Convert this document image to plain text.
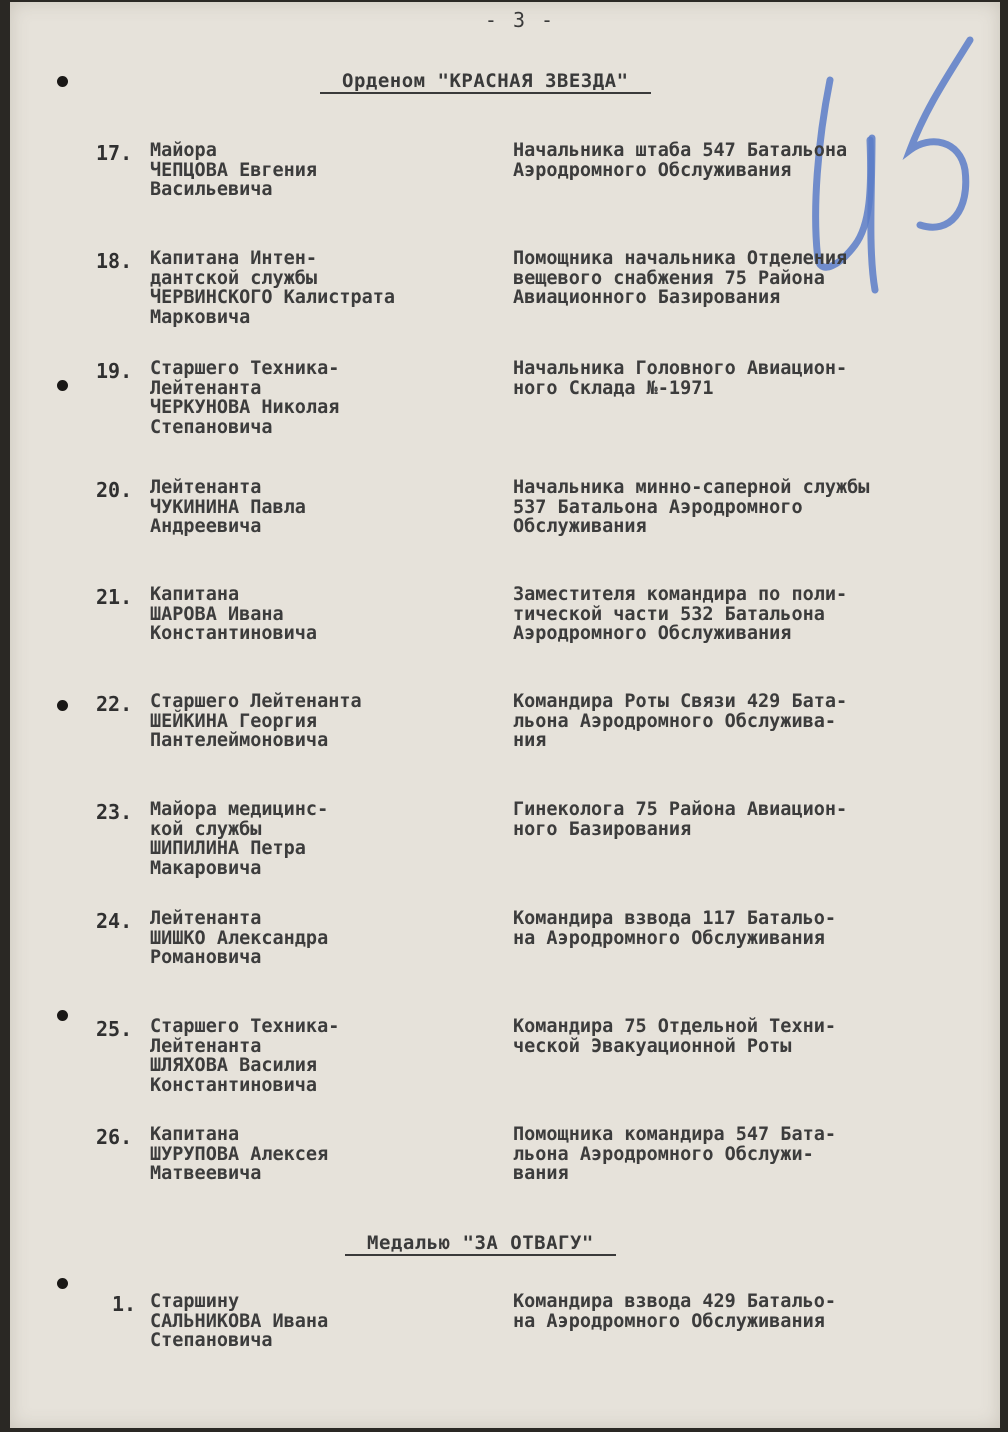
- 3 -
Орденом "КРАСНАЯ ЗВЕЗДА"
17. Майора
ЧЕПЦОВА Евгения
Васильевича
Начальника штаба 547 Батальона
Аэродромного Обслуживания
18. Капитана Интен-
дантской службы
ЧЕРВИНСКОГО Калистрата
Марковича
Помощника начальника Отделения
вещевого снабжения 75 Района
Авиационного Базирования
19. Старшего Техника-
Лейтенанта
ЧЕРКУНОВА Николая
Степановича
Начальника Головного Авиацион-
ного Склада №-1971
20. Лейтенанта
ЧУКИНИНА Павла
Андреевича
Начальника минно-саперной службы
537 Батальона Аэродромного
Обслуживания
21. Капитана
ШАРОВА Ивана
Константиновича
Заместителя командира по поли-
тической части 532 Батальона
Аэродромного Обслуживания
22. Старшего Лейтенанта
ШЕЙКИНА Георгия
Пантелеймоновича
Командира Роты Связи 429 Бата-
льона Аэродромного Обслужива-
ния
23. Майора медицинс-
кой службы
ШИПИЛИНА Петра
Макаровича
Гинеколога 75 Района Авиацион-
ного Базирования
24. Лейтенанта
ШИШКО Александра
Романовича
Командира взвода 117 Батальо-
на Аэродромного Обслуживания
25. Старшего Техника-
Лейтенанта
ШЛЯХОВА Василия
Константиновича
Командира 75 Отдельной Техни-
ческой Эвакуационной Роты
26. Капитана
ШУРУПОВА Алексея
Матвеевича
Помощника командира 547 Бата-
льона Аэродромного Обслужи-
вания
Медалью "ЗА ОТВАГУ"
1. Старшину
САЛЬНИКОВА Ивана
Степановича
Командира взвода 429 Батальо-
на Аэродромного Обслуживания
